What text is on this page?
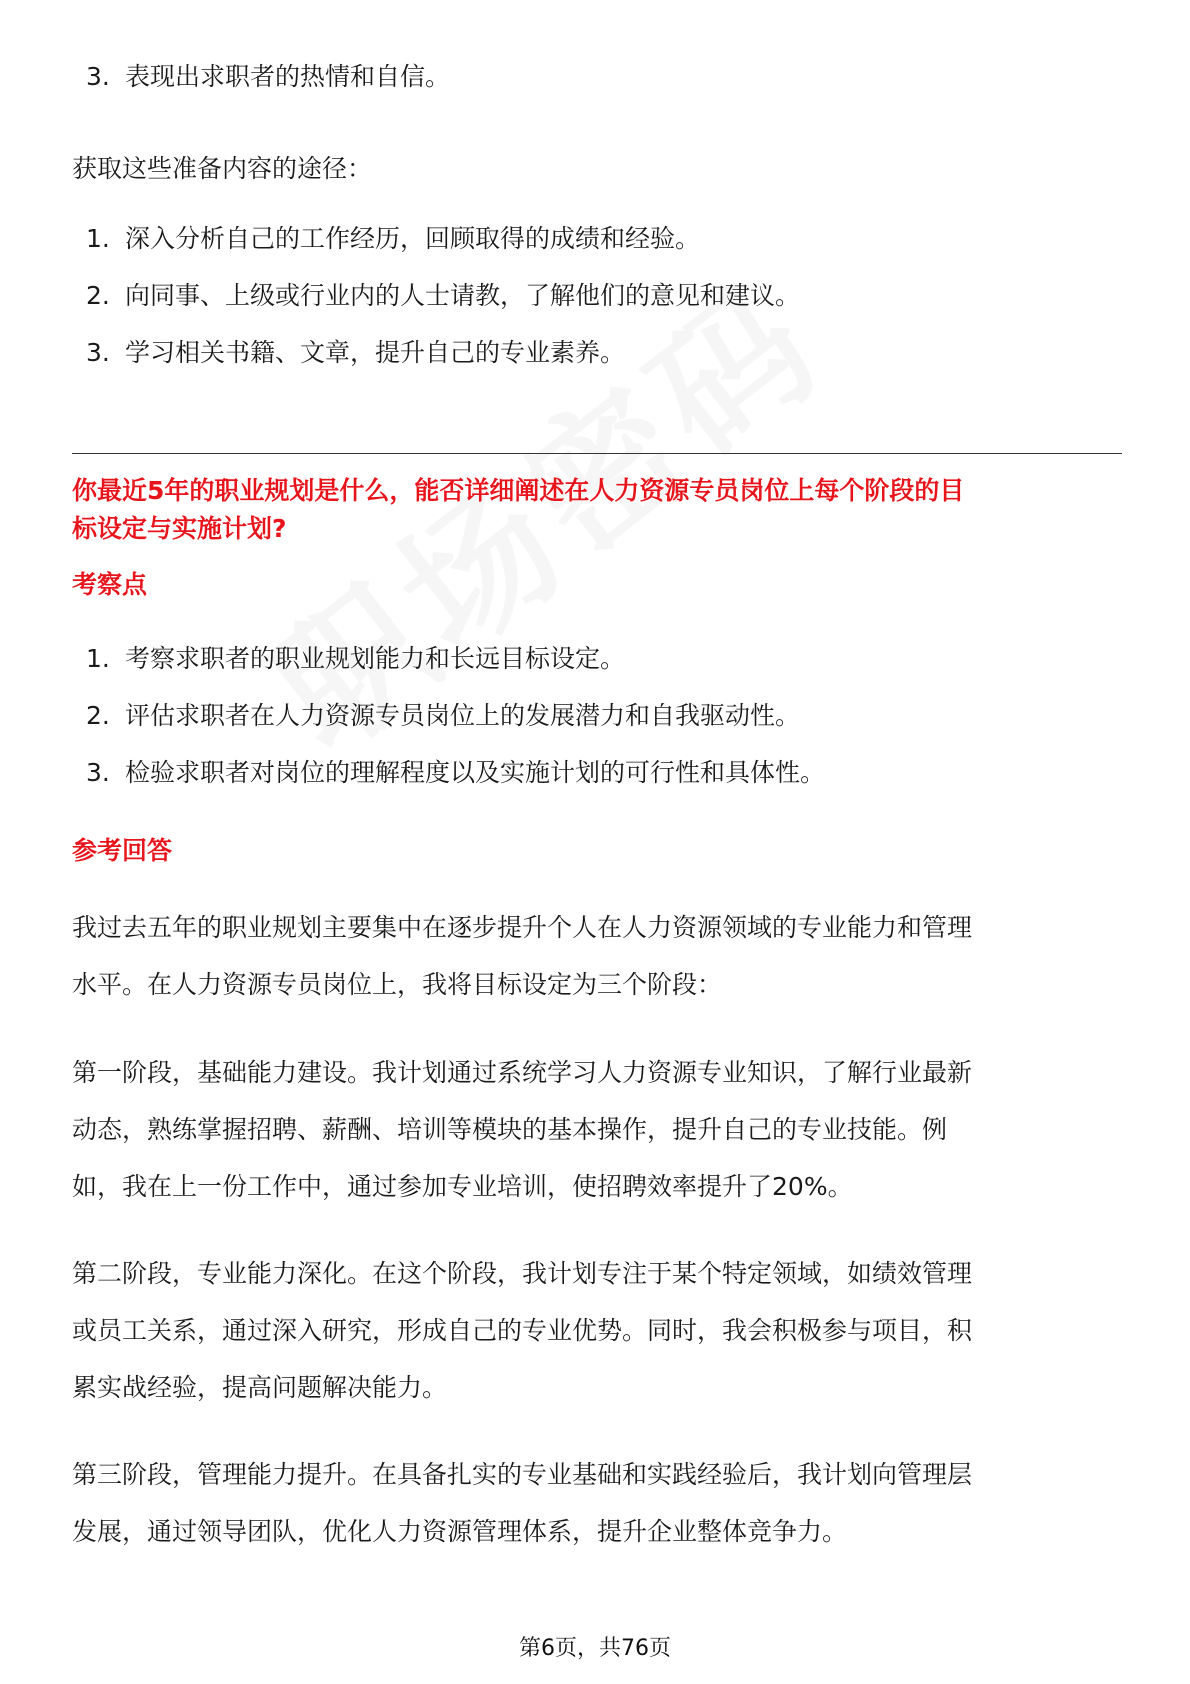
3. 表现出求职者的热情和自信。

获取这些准备内容的途径：

1. 深入分析自己的工作经历，回顾取得的成绩和经验。
2. 向同事、上级或行业内的人士请教，了解他们的意见和建议。
3. 学习相关书籍、文章，提升自己的专业素养。

你最近5年的职业规划是什么，能否详细阐述在人力资源专员岗位上每个阶段的目

标设定与实施计划?

考察点

1. 考察求职者的职业规划能力和长远目标设定。
2. 评估求职者在人力资源专员岗位上的发展潜力和自我驱动性。
3. 检验求职者对岗位的理解程度以及实施计划的可行性和具体性。

参考回答

我过去五年的职业规划主要集中在逐步提升个人在人力资源领域的专业能力和管理

水平。在人力资源专员岗位上，我将目标设定为三个阶段：

第一阶段，基础能力建设。我计划通过系统学习人力资源专业知识，了解行业最新

动态，熟练掌握招聘、薪酬、培训等模块的基本操作，提升自己的专业技能。例

如，我在上一份工作中，通过参加专业培训，使招聘效率提升了20%。

第二阶段，专业能力深化。在这个阶段，我计划专注于某个特定领域，如绩效管理

或员工关系，通过深入研究，形成自己的专业优势。同时，我会积极参与项目，积

累实战经验，提高问题解决能力。

第三阶段，管理能力提升。在具备扎实的专业基础和实践经验后，我计划向管理层

发展，通过领导团队，优化人力资源管理体系，提升企业整体竞争力。

第6页，共76页
